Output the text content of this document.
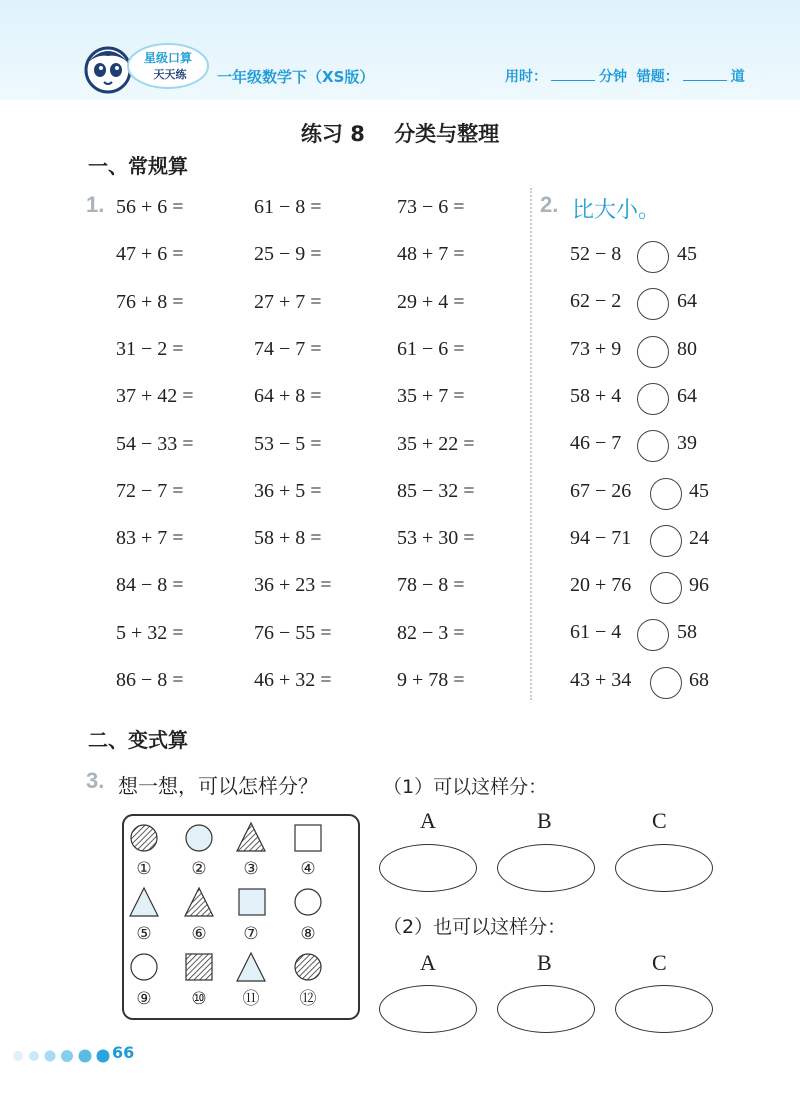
星级口算
天天练 一年级数学下（XS版）	用时：	分钟 错题：	道
练习 8    分类与整理
一、常规算
1. 56 + 6 =	61 − 8 =	73 − 6 =
47 + 6 =	25 − 9 =	48 + 7 =
76 + 8 =	27 + 7 =	29 + 4 =
31 − 2 =	74 − 7 =	61 − 6 =
37 + 42 =	64 + 8 =	35 + 7 =
54 − 33 =	53 − 5 =	35 + 22 =
72 − 7 =	36 + 5 =	85 − 32 =
83 + 7 =	58 + 8 =	53 + 30 =
84 − 8 =	36 + 23 =	78 − 8 =
5 + 32 =	76 − 55 =	82 − 3 =
86 − 8 =	46 + 32 =	9 + 78 =
2. 比大小。
52 − 8	45
62 − 2	64
73 + 9	80
58 + 4	64
46 − 7	39
67 − 26	45
94 − 71	24
20 + 76	96
61 − 4	58
43 + 34	68
二、变式算
3. 想一想，可以怎样分？
① ② ③ ④
⑤ ⑥ ⑦ ⑧
⑨ ⑩ ⑪ ⑫
（1）可以这样分：
A	B	C
（2）也可以这样分：
A	B	C
66
